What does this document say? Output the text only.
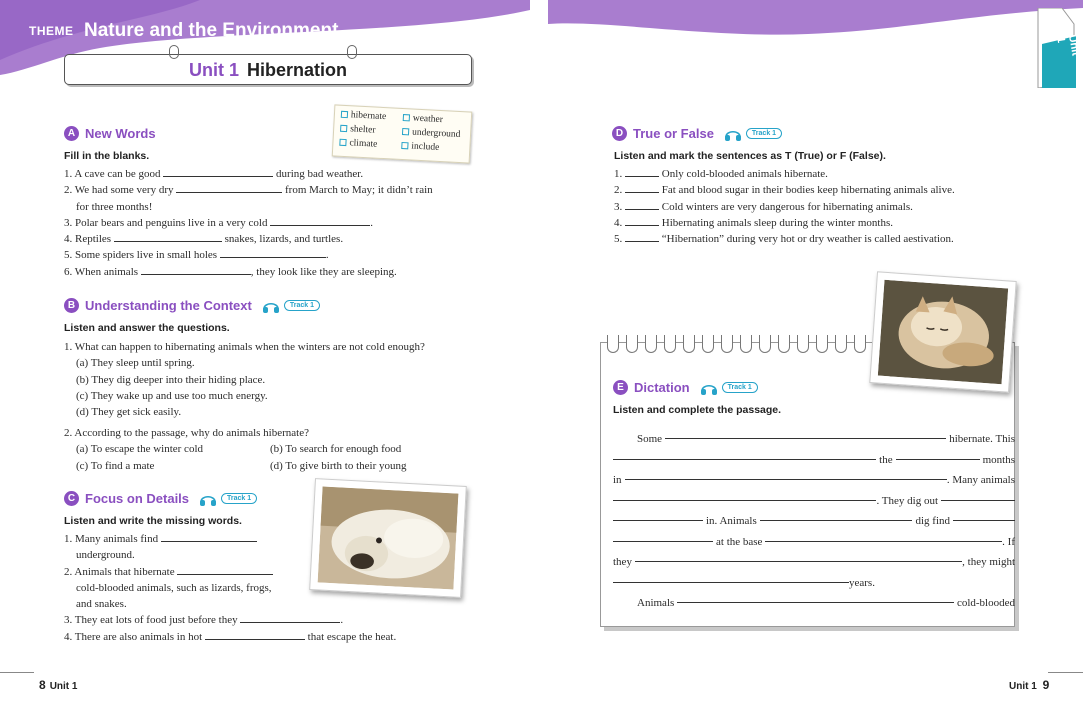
THEME Nature and the Environment
Unit 1 Hibernation
hibernate	weather
shelter	underground
climate	include
A New Words
Fill in the blanks.
1. A cave can be good	during bad weather.
2. We had some very dry	from March to May; it didn’t rain
for three months!
3. Polar bears and penguins live in a very cold	.
4. Reptiles	snakes, lizards, and turtles.
5. Some spiders live in small holes	.
6. When animals	, they look like they are sleeping.
B Understanding the Context	Track 1
Listen and answer the questions.
1. What can happen to hibernating animals when the winters are not cold enough?
(a) They sleep until spring.
(b) They dig deeper into their hiding place.
(c) They wake up and use too much energy.
(d) They get sick easily.
2. According to the passage, why do animals hibernate?
(a) To escape the winter cold	(b) To search for enough food
(c) To find a mate	(d) To give birth to their young
C Focus on Details	Track 1
Listen and write the missing words.
1. Many animals find
underground.
2. Animals that hibernate
cold-blooded animals, such as lizards, frogs,
and snakes.
3. They eat lots of food just before they	.
4. There are also animals in hot	that escape the heat.
8 Unit 1
Unit 1
D True or False	Track 1
Listen and mark the sentences as T (True) or F (False).
1.	Only cold-blooded animals hibernate.
2.	Fat and blood sugar in their bodies keep hibernating animals alive.
3.	Cold winters are very dangerous for hibernating animals.
4.	Hibernating animals sleep during the winter months.
5.	“Hibernation” during very hot or dry weather is called aestivation.
E Dictation	Track 1
Listen and complete the passage.
Some	hibernate. This
the	months
in	. Many animals
. They dig out
in. Animals	dig find
at the base	. If
they	, they might
years.
Animals	cold-blooded
Unit 1 9
